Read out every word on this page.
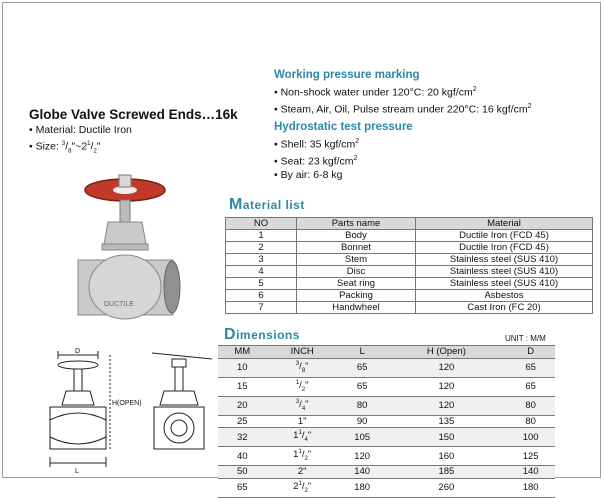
Globe Valve Screwed Ends…16k
• Material: Ductile Iron
• Size: $^3/_8"\sim 2^1/_2$"
Working pressure marking
• Non-shock water under 120°C: 20 kgf/$cm^2$
• Steam, Air, Oil, Pulse stream under 220°C: 16 kgf/$cm^2$
Hydrostatic test pressure
• Shell: 35 kgf/$cm^2$
• Seat: 23 kgf/$cm^2$
• By air: 6-8 kg
DUCTILE
D
H(OPEN)
L
Material list
NO	Parts name	Material
1	Body	Ductile Iron (FCD 45)
2	Bonnet	Ductile Iron (FCD 45)
3	Stem	Stainless steel (SUS 410)
4	Disc	Stainless steel (SUS 410)
5	Seat ring	Stainless steel (SUS 410)
6	Packing	Asbestos
7	Handwheel	Cast Iron (FC 20)
Dimensions	UNIT : M/M
MM	INCH	L	H (Open)	D
10	$^3/_8$"	65	120	65
15	$^1/_2$"	65	120	65
20	$^3/_4$"	80	120	80
25	1"	90	135	80
32	$1^1/_4$"	105	150	100
40	$1^1/_2$"	120	160	125
50	2"	140	185	140
65	$2^1/_2$"	180	260	180
